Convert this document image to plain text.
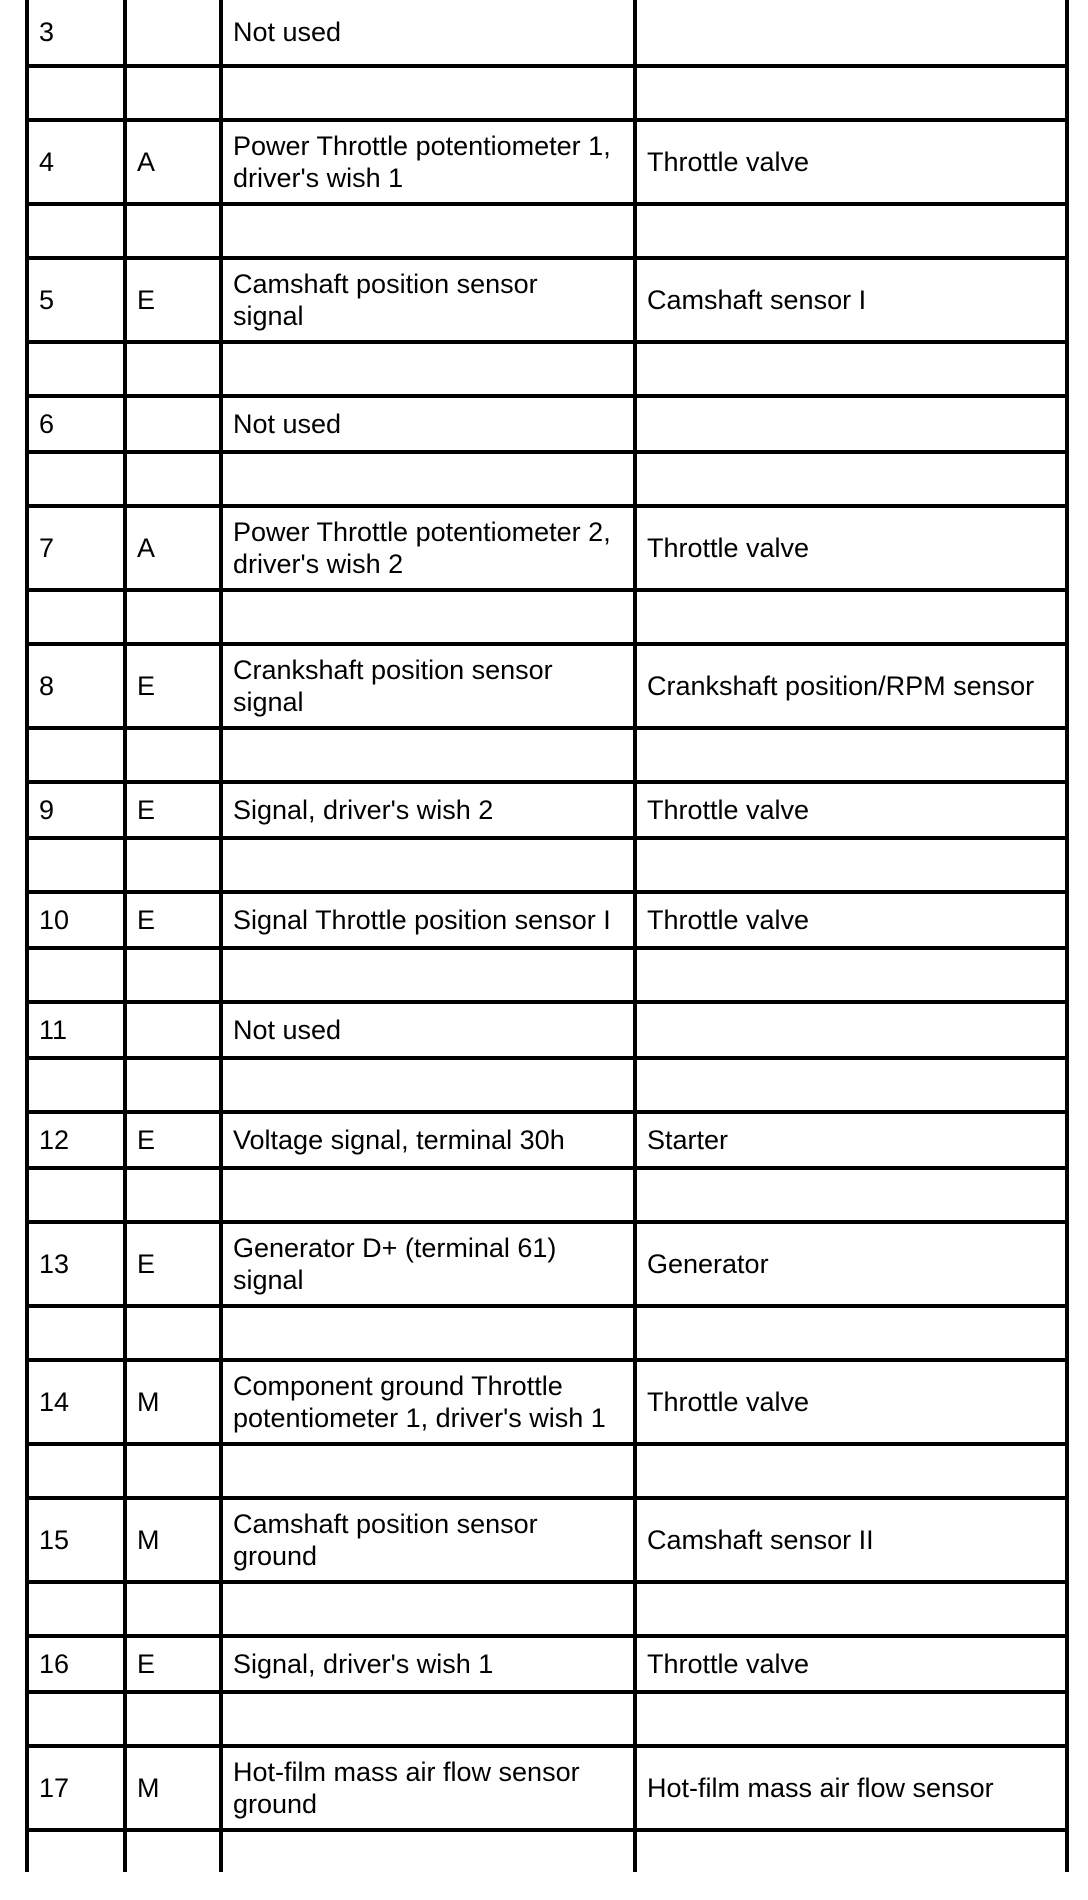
3		Not used	

4	A	Power Throttle potentiometer 1,
driver's wish 1	Throttle valve

5	E	Camshaft position sensor
signal	Camshaft sensor I

6		Not used	

7	A	Power Throttle potentiometer 2,
driver's wish 2	Throttle valve

8	E	Crankshaft position sensor
signal	Crankshaft position/RPM sensor

9	E	Signal, driver's wish 2	Throttle valve

10	E	Signal Throttle position sensor I	Throttle valve

11		Not used	

12	E	Voltage signal, terminal 30h	Starter

13	E	Generator D+ (terminal 61)
signal	Generator

14	M	Component ground Throttle
potentiometer 1, driver's wish 1	Throttle valve

15	M	Camshaft position sensor
ground	Camshaft sensor II

16	E	Signal, driver's wish 1	Throttle valve

17	M	Hot-film mass air flow sensor
ground	Hot-film mass air flow sensor
